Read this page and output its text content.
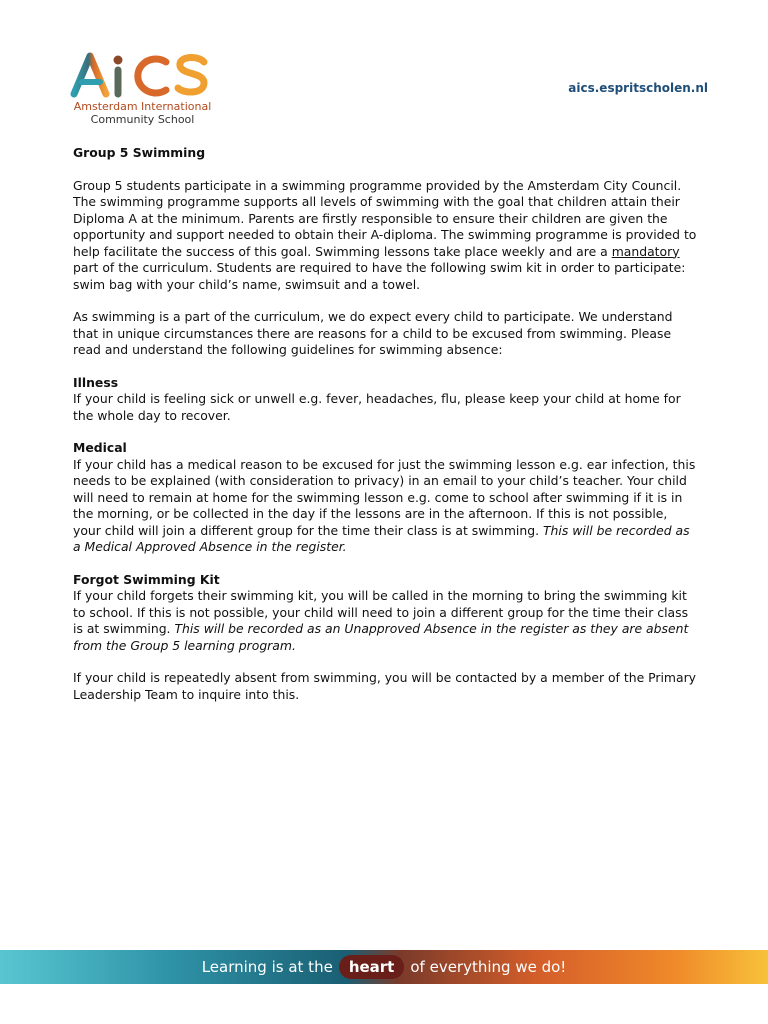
Amsterdam International
Community School
aics.espritscholen.nl
Group 5 Swimming

Group 5 students participate in a swimming programme provided by the Amsterdam City Council. The swimming programme supports all levels of swimming with the goal that children attain their Diploma A at the minimum. Parents are firstly responsible to ensure their children are given the opportunity and support needed to obtain their A-diploma. The swimming programme is provided to help facilitate the success of this goal. Swimming lessons take place weekly and are a mandatory part of the curriculum. Students are required to have the following swim kit in order to participate: swim bag with your child’s name, swimsuit and a towel.

As swimming is a part of the curriculum, we do expect every child to participate. We understand that in unique circumstances there are reasons for a child to be excused from swimming. Please read and understand the following guidelines for swimming absence:

Illness

If your child is feeling sick or unwell e.g. fever, headaches, flu, please keep your child at home for the whole day to recover.

Medical

If your child has a medical reason to be excused for just the swimming lesson e.g. ear infection, this needs to be explained (with consideration to privacy) in an email to your child’s teacher. Your child will need to remain at home for the swimming lesson e.g. come to school after swimming if it is in the morning, or be collected in the day if the lessons are in the afternoon. If this is not possible, your child will join a different group for the time their class is at swimming. This will be recorded as a Medical Approved Absence in the register.

Forgot Swimming Kit

If your child forgets their swimming kit, you will be called in the morning to bring the swimming kit to school. If this is not possible, your child will need to join a different group for the time their class is at swimming. This will be recorded as an Unapproved Absence in the register as they are absent from the Group 5 learning program.

If your child is repeatedly absent from swimming, you will be contacted by a member of the Primary Leadership Team to inquire into this.

Learning is at the	heart	of everything we do!
